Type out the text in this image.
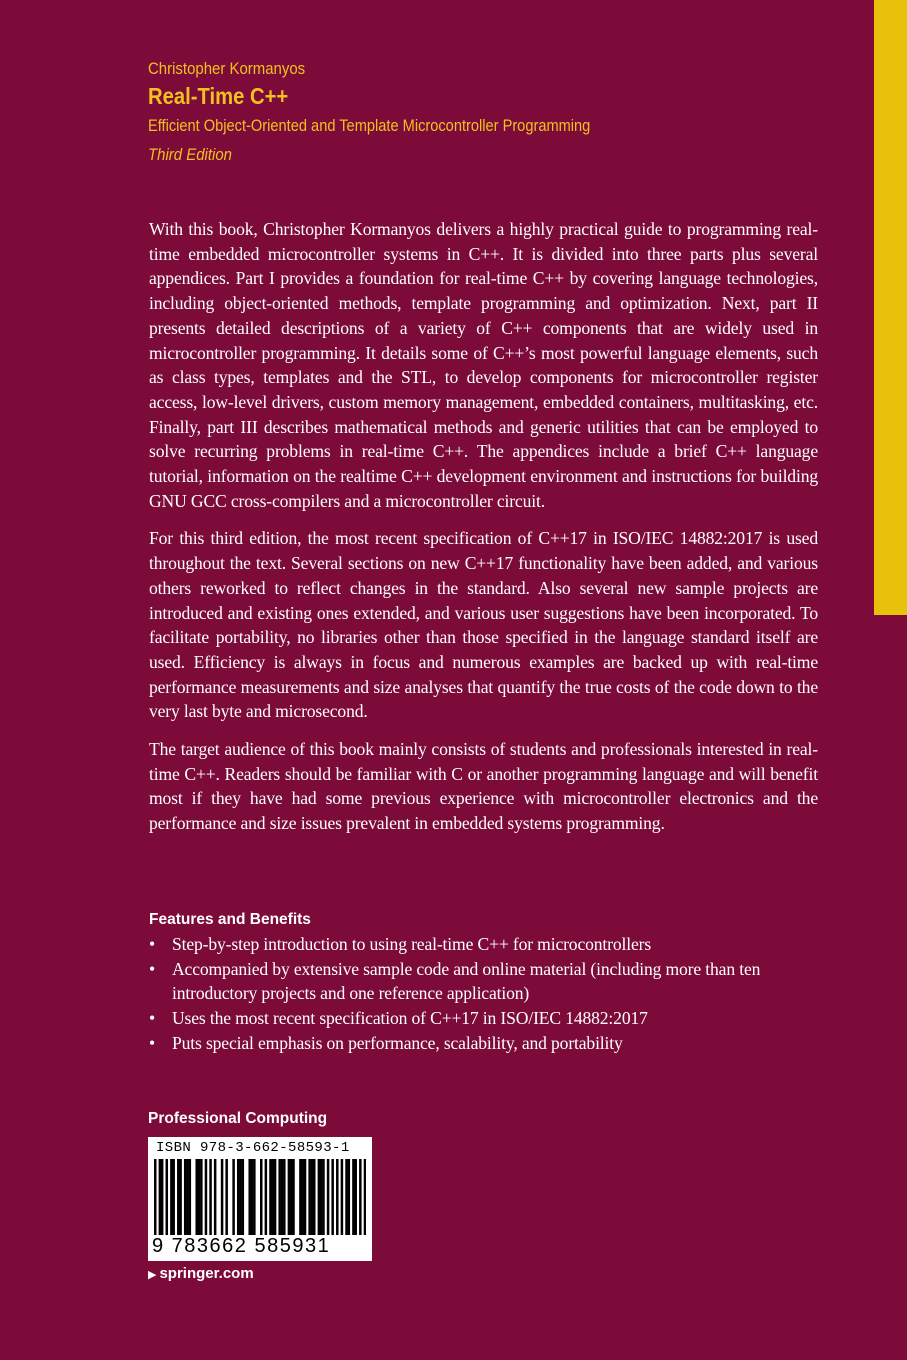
Christopher Kormanyos
Real-Time C++
Efficient Object-Oriented and Template Microcontroller Programming
Third Edition

With this book, Christopher Kormanyos delivers a highly practical guide to programming real-time embedded microcontroller systems in C++. It is divided into three parts plus several appendices. Part I provides a foundation for real-time C++ by covering language technologies, including object-oriented methods, template programming and optimization. Next, part II presents detailed descriptions of a variety of C++ components that are widely used in microcontroller programming. It details some of C++’s most powerful language elements, such as class types, templates and the STL, to develop components for microcontroller register access, low-level drivers, custom memory management, embedded containers, multitasking, etc. Finally, part III describes mathematical methods and generic utilities that can be employed to solve recurring problems in real-time C++. The appendices include a brief C++ language tutorial, information on the realtime C++ development environment and instructions for building GNU GCC cross-compilers and a microcontroller circuit.

For this third edition, the most recent specification of C++17 in ISO/IEC 14882:2017 is used throughout the text. Several sections on new C++17 functionality have been added, and various others reworked to reflect changes in the standard. Also several new sample projects are introduced and existing ones extended, and various user suggestions have been incorporated. To facilitate portability, no libraries other than those specified in the language standard itself are used. Efficiency is always in focus and numerous examples are backed up with real-time performance measurements and size analyses that quantify the true costs of the code down to the very last byte and microsecond.

The target audience of this book mainly consists of students and professionals interested in real-time C++. Readers should be familiar with C or another programming language and will benefit most if they have had some previous experience with microcontroller electronics and the performance and size issues prevalent in embedded systems programming.

Features and Benefits
• Step-by-step introduction to using real-time C++ for microcontrollers
• Accompanied by extensive sample code and online material (including more than ten introductory projects and one reference application)
• Uses the most recent specification of C++17 in ISO/IEC 14882:2017
• Puts special emphasis on performance, scalability, and portability
Professional Computing
ISBN 978-3-662-58593-1
9 783662 585931
▶ springer.com
